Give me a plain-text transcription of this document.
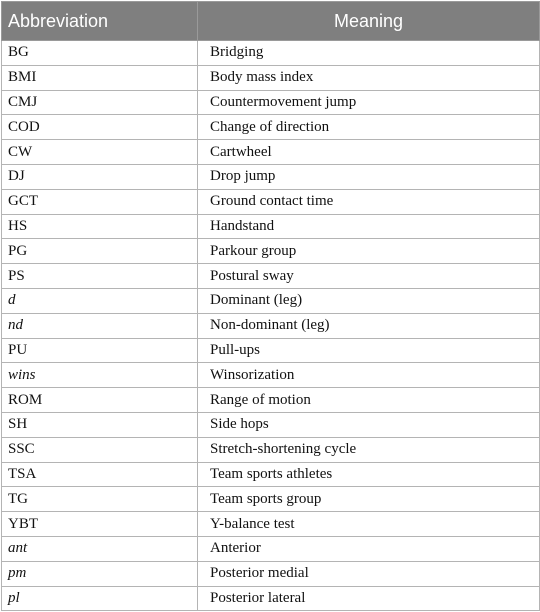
Abbreviation	Meaning
BG	Bridging
BMI	Body mass index
CMJ	Countermovement jump
COD	Change of direction
CW	Cartwheel
DJ	Drop jump
GCT	Ground contact time
HS	Handstand
PG	Parkour group
PS	Postural sway
d	Dominant (leg)
nd	Non-dominant (leg)
PU	Pull-ups
wins	Winsorization
ROM	Range of motion
SH	Side hops
SSC	Stretch-shortening cycle
TSA	Team sports athletes
TG	Team sports group
YBT	Y-balance test
ant	Anterior
pm	Posterior medial
pl	Posterior lateral
